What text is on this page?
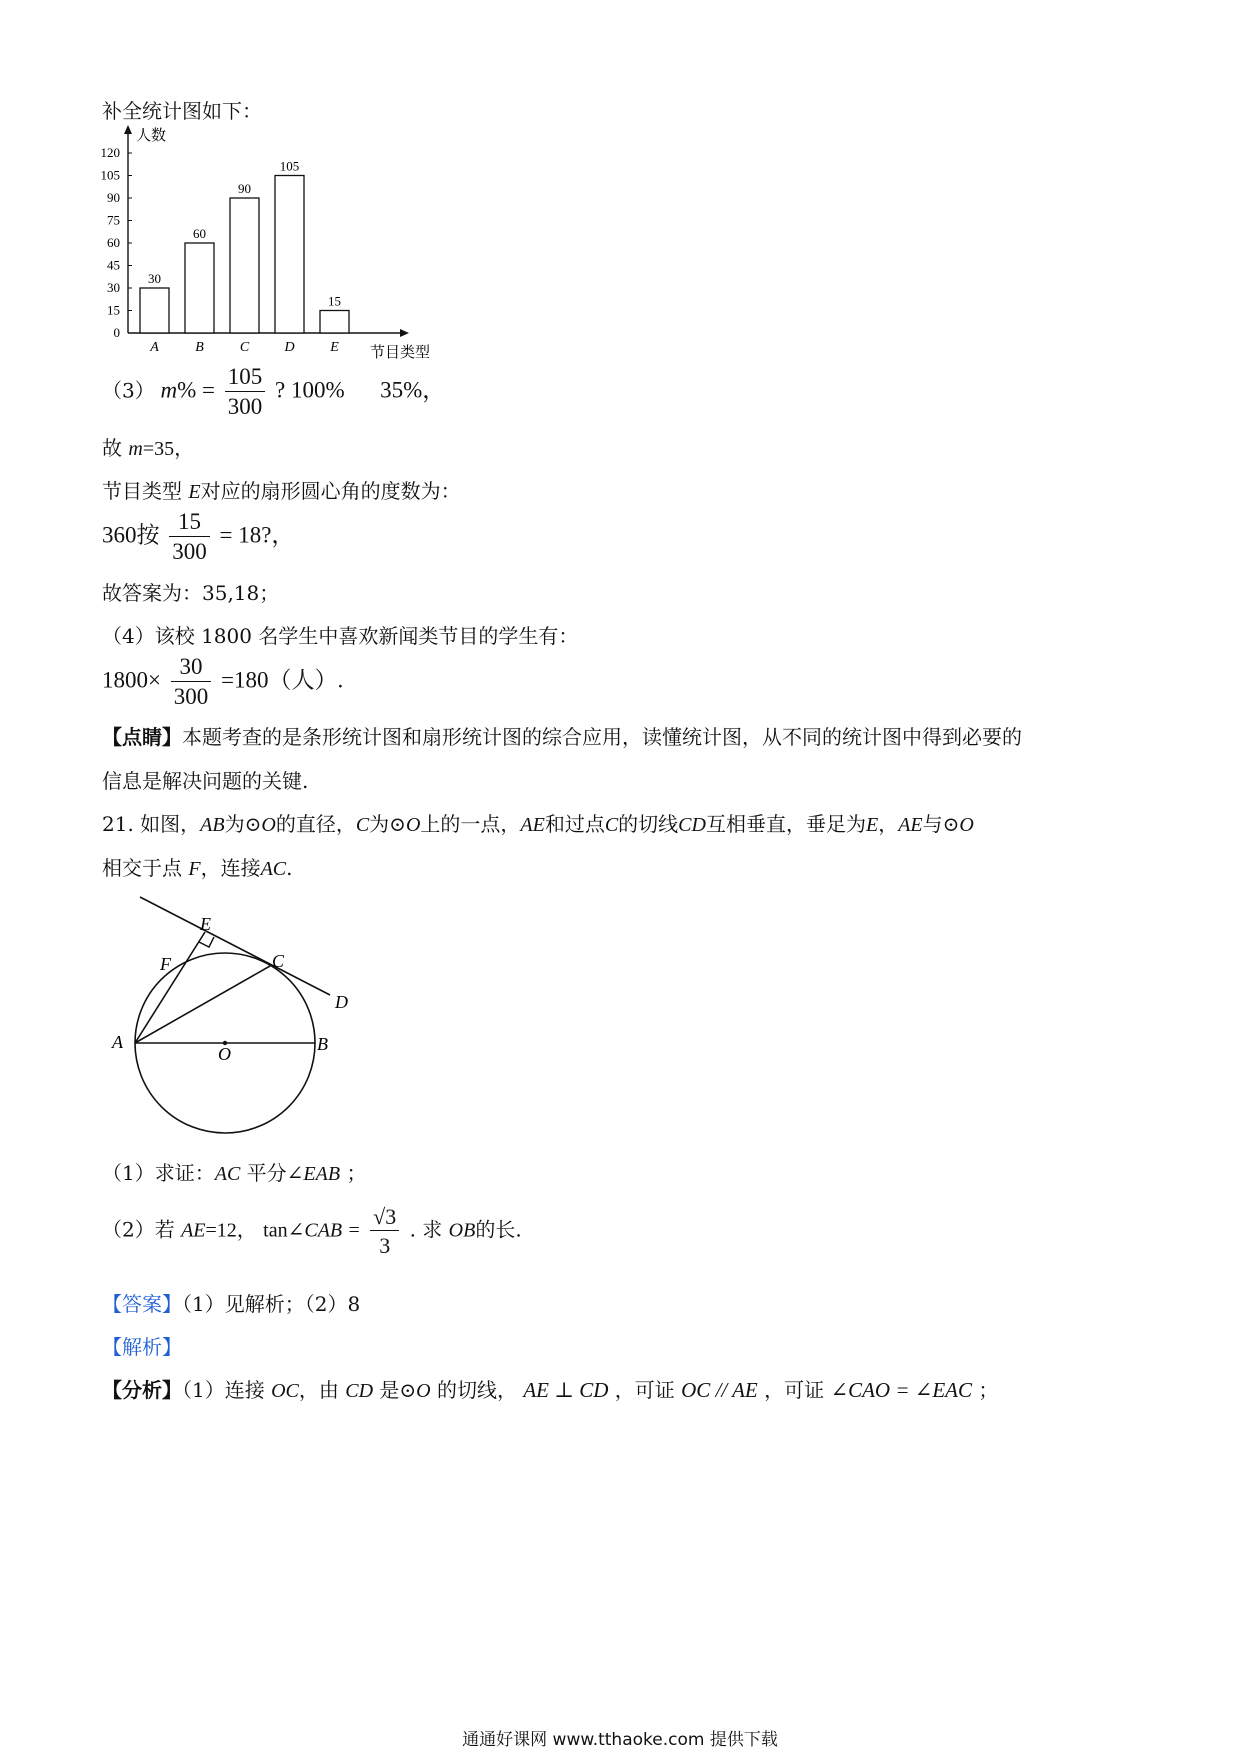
补全统计图如下：
0
15
30
45
60
75
90
105
120
人数
节目类型
30
A
60
B
90
C
105
D
15
E
（3） $m\% = \frac{105}{300}$ ? 100% 35%，
故 m=35，
节目类型 E对应的扇形圆心角的度数为：
360按 $\frac{15}{300} = 18$?，
故答案为：35,18；
（4）该校 1800 名学生中喜欢新闻类节目的学生有：
$1800\times \frac{30}{300} =180$（人）.
【点睛】本题考查的是条形统计图和扇形统计图的综合应用，读懂统计图，从不同的统计图中得到必要的
信息是解决问题的关键.
21. 如图，AB为⊙O的直径，C为⊙O上的一点，AE和过点C的切线CD互相垂直，垂足为E，AE与⊙O
相交于点 F，连接AC.
E
F	C
D
A
O	B
（1）求证：AC 平分∠EAB ；
（2）若 AE=12， tan∠CAB = $\frac{√3}{3}$ . 求 OB的长.
【答案】（1）见解析；（2）8
【解析】
【分析】（1）连接 OC，由 CD 是⊙O 的切线， AE ⊥ CD ，可证 OC // AE ，可证 ∠CAO = ∠EAC ；
通通好课网 www.tthaoke.com 提供下载
